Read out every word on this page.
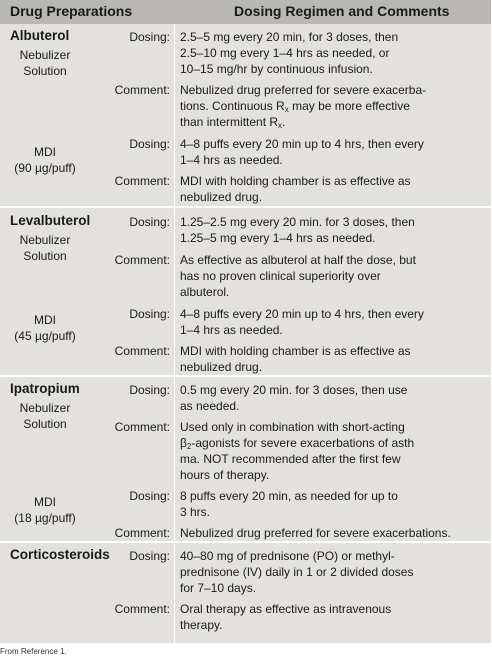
Drug Preparations	Dosing Regimen and Comments
Albuterol
Nebulizer
Solution
MDI
(90 µg/puff)
Dosing: 2.5–5 mg every 20 min, for 3 doses, then
2.5–10 mg every 1–4 hrs as needed, or
10–15 mg/hr by continuous infusion.
Comment: Nebulized drug preferred for severe exacerba-
tions. Continuous $R_x$ may be more effective
than intermittent $R_x$.
Dosing: 4–8 puffs every 20 min up to 4 hrs, then every
1–4 hrs as needed.
Comment: MDI with holding chamber is as effective as
nebulized drug.
Levalbuterol
Nebulizer
Solution
MDI
(45 µg/puff)
Dosing: 1.25–2.5 mg every 20 min. for 3 doses, then
1.25–5 mg every 1–4 hrs as needed.
Comment: As effective as albuterol at half the dose, but
has no proven clinical superiority over
albuterol.
Dosing: 4–8 puffs every 20 min up to 4 hrs, then every
1–4 hrs as needed.
Comment: MDI with holding chamber is as effective as
nebulized drug.
Ipatropium
Nebulizer
Solution
MDI
(18 µg/puff)
Dosing: 0.5 mg every 20 min. for 3 doses, then use
as needed.
Comment: Used only in combination with short-acting
$\beta_2$-agonists for severe exacerbations of asth
ma. NOT recommended after the first few
hours of therapy.
Dosing: 8 puffs every 20 min, as needed for up to
3 hrs.
Comment: Nebulized drug preferred for severe exacerbations.
Corticosteroids	Dosing: 40–80 mg of prednisone (PO) or methyl-
prednisone (IV) daily in 1 or 2 divided doses
for 7–10 days.
Comment: Oral therapy as effective as intravenous
therapy.
From Reference 1.
